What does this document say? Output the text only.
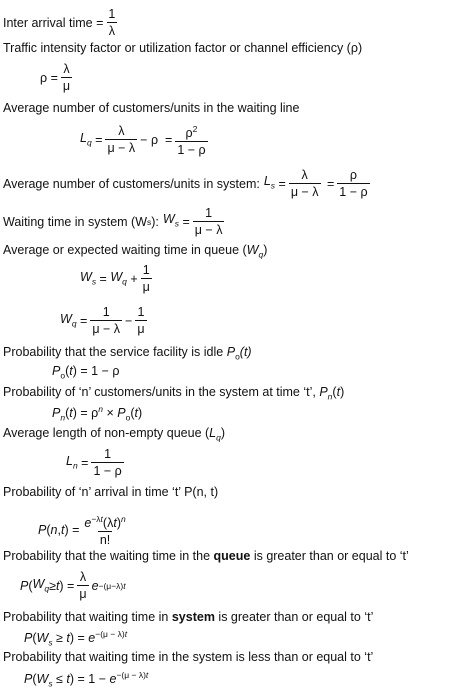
Inter arrival time = $\frac{1}{\lambda}$
Traffic intensity factor or utilization factor or channel efficiency (ρ)
$\rho = \frac{\lambda}{\mu}$
Average number of customers/units in the waiting line
$L_q = \frac{\lambda}{\mu - \lambda} - \rho = \frac{\rho^2}{1 - \rho}$
Average number of customers/units in system: $L_s = \frac{\lambda}{\mu - \lambda} = \frac{\rho}{1 - \rho}$
Waiting time in system (W s ): $W_s = \frac{1}{\mu - \lambda}$
Average or expected waiting time in queue $(W_q)$
$W_s = W_q + \frac{1}{\mu}$
$W_q = \frac{1}{\mu - \lambda} - \frac{1}{\mu}$
Probability that the service facility is idle $P_o(t)$
$P_o(t) = 1 - \rho$
Probability of ‘n’ customers/units in the system at time ‘t’, $P_n(t)$
$P_n(t) = \rho^n \times P_o(t)$
Average length of non-empty queue $(L_q)$
$L_n = \frac{1}{1 - \rho}$
Probability of ‘n’ arrival in time ‘t’ P(n, t)
P ( n , t ) = $\frac{e^{-\lambda t}(\lambda t)^n}{n!}$
Probability that the waiting time in the queue is greater than or equal to ‘t’
P ( $W_q \ge t$ ) = $\frac{\lambda}{\mu}$ e −(μ−λ)t
Probability that waiting time in system is greater than or equal to ‘t’
$P(W_s \ge t) = e^{-(\mu - \lambda)t}$
Probability that waiting time in the system is less than or equal to ‘t’
$P(W_s \le t) = 1 - e^{-(\mu - \lambda)t}$
